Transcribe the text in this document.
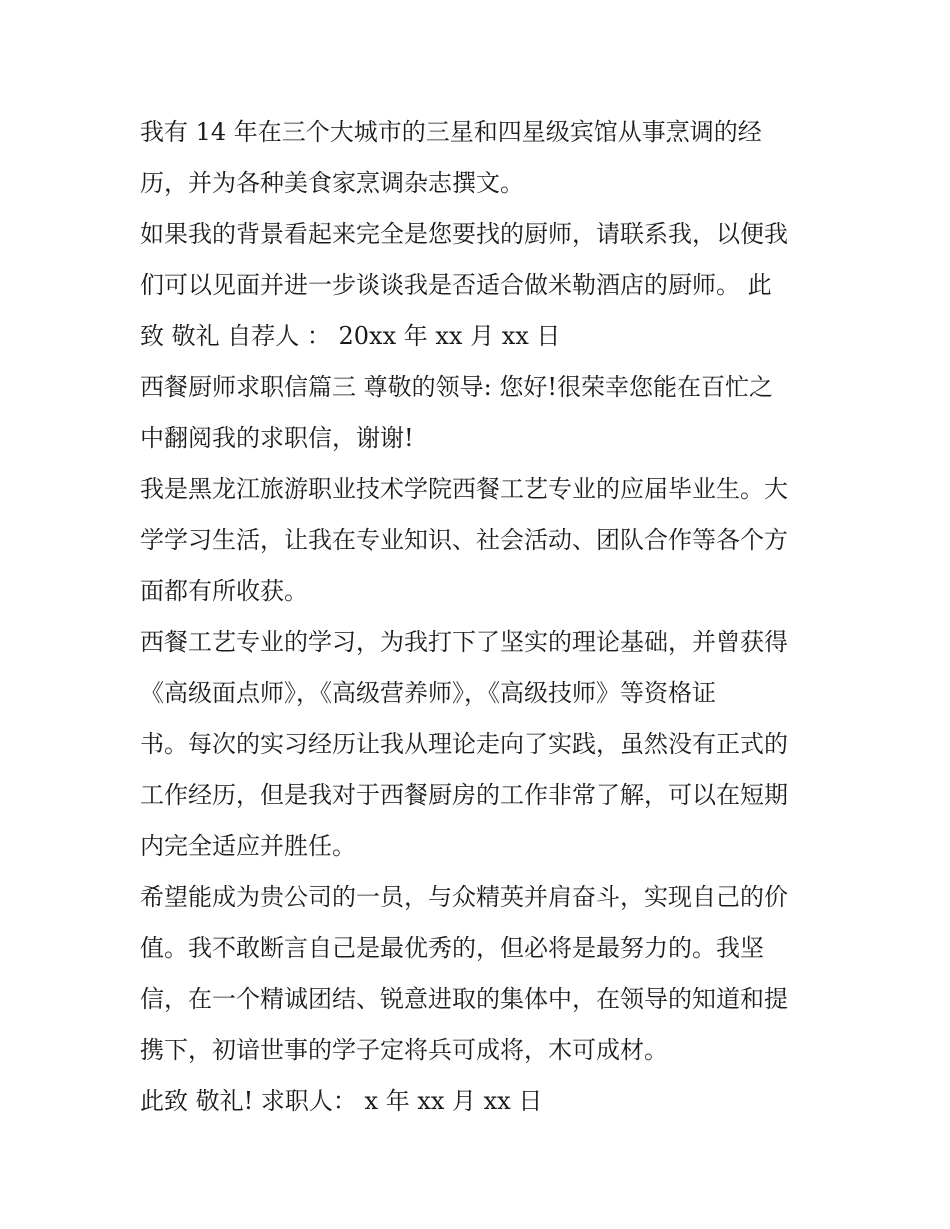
我有 14 年在三个大城市的三星和四星级宾馆从事烹调的经

历，并为各种美食家烹调杂志撰文。

如果我的背景看起来完全是您要找的厨师，请联系我，以便我

们可以见面并进一步谈谈我是否适合做米勒酒店的厨师。 此

致 敬礼 自荐人 ： 20xx 年 xx 月 xx 日

西餐厨师求职信篇三 尊敬的领导: 您好!很荣幸您能在百忙之

中翻阅我的求职信，谢谢!

我是黑龙江旅游职业技术学院西餐工艺专业的应届毕业生。大

学学习生活，让我在专业知识、社会活动、团队合作等各个方

面都有所收获。

西餐工艺专业的学习，为我打下了坚实的理论基础，并曾获得

《高级面点师》，《高级营养师》，《高级技师》等资格证

书。每次的实习经历让我从理论走向了实践，虽然没有正式的

工作经历，但是我对于西餐厨房的工作非常了解，可以在短期

内完全适应并胜任。

希望能成为贵公司的一员，与众精英并肩奋斗，实现自己的价

值。我不敢断言自己是最优秀的，但必将是最努力的。我坚

信，在一个精诚团结、锐意进取的集体中，在领导的知道和提

携下，初谙世事的学子定将兵可成将，木可成材。

此致 敬礼! 求职人： x 年 xx 月 xx 日
